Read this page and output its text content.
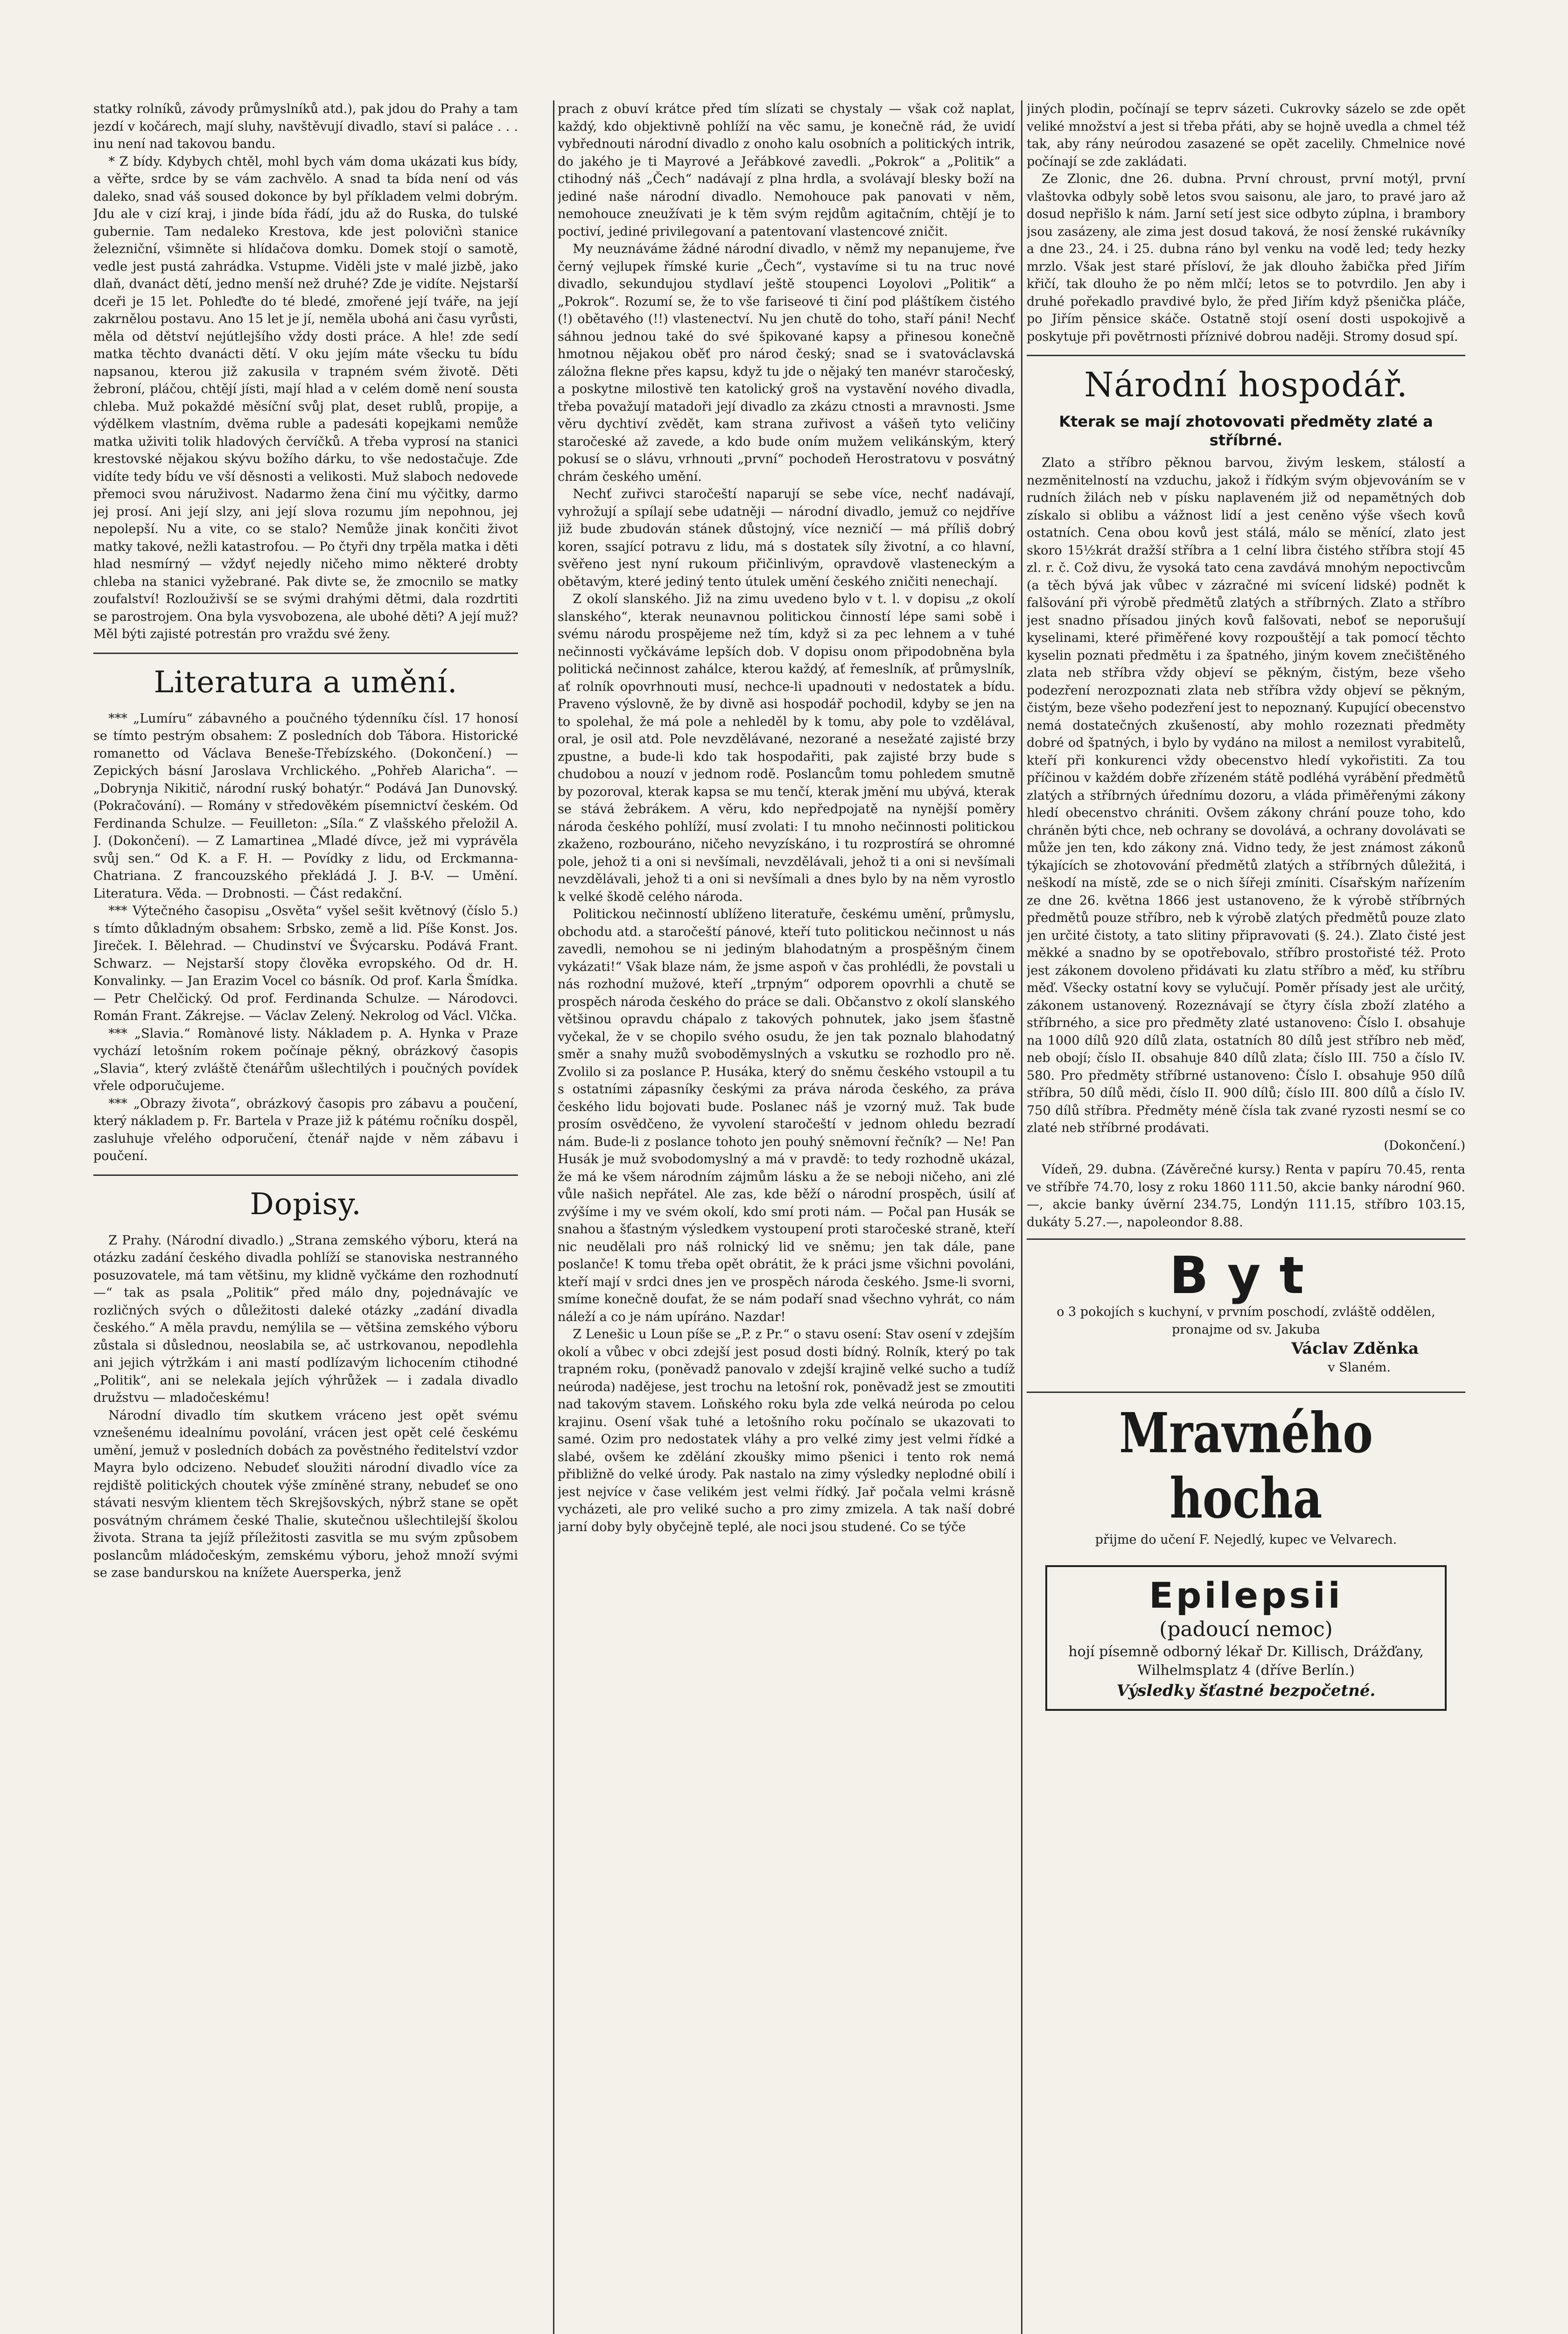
statky rolníků, závody průmyslníků atd.), pak jdou do Prahy a tam jezdí v kočárech, mají sluhy, navštěvují divadlo, staví si paláce . . . inu není nad takovou bandu.

* Z bídy. Kdybych chtěl, mohl bych vám doma ukázati kus bídy, a věřte, srdce by se vám zachvělo. A snad ta bída není od vás daleko, snad váš soused dokonce by byl příkladem velmi dobrým. Jdu ale v cizí kraj, i jinde bída řádí, jdu až do Ruska, do tulské gubernie. Tam nedaleko Krestova, kde jest polovičnì stanice železniční, všimněte si hlídačova domku. Domek stojí o samotě, vedle jest pustá zahrádka. Vstupme. Viděli jste v malé jizbě, jako dlaň, dvanáct dětí, jedno menší než druhé? Zde je vidíte. Nejstarší dceři je 15 let. Pohleďte do té bledé, zmořené její tváře, na její zakrnělou postavu. Ano 15 let je jí, neměla ubohá ani času vyrůsti, měla od dětství nejútlejšího vždy dosti práce. A hle! zde sedí matka těchto dvanácti dětí. V oku jejím máte všecku tu bídu napsanou, kterou již zakusila v trapném svém životě. Děti žebroní, pláčou, chtějí jísti, mají hlad a v celém domě není sousta chleba. Muž pokaždé měsíční svůj plat, deset rublů, propije, a výdělkem vlastním, dvěma ruble a padesáti kopejkami nemůže matka uživiti tolik hladových červíčků. A třeba vyprosí na stanici krestovské nějakou skývu božího dárku, to vše nedostačuje. Zde vidíte tedy bídu ve vší děsnosti a velikosti. Muž slaboch nedovede přemoci svou náruživost. Nadarmo žena činí mu výčitky, darmo jej prosí. Ani její slzy, ani její slova rozumu jím nepohnou, jej nepolepší. Nu a vite, co se stalo? Nemůže jinak končiti život matky takové, nežli katastrofou. — Po čtyři dny trpěla matka i děti hlad nesmírný — vždyť nejedly ničeho mimo některé drobty chleba na stanici vyžebrané. Pak divte se, že zmocnilo se matky zoufalství! Rozlouživší se se svými drahými dětmi, dala rozdrtiti se parostrojem. Ona byla vysvobozena, ale ubohé děti? A její muž? Měl býti zajisté potrestán pro vraždu své ženy.

Literatura a umění.

*** „Lumíru“ zábavného a poučného týdenníku čísl. 17 honosí se tímto pestrým obsahem: Z posledních dob Tábora. Historické romanetto od Václava Beneše-Třebízského. (Dokončení.) — Zepických básní Jaroslava Vrchlického. „Pohřeb Alaricha“. —„Dobrynja Nikitič, národní ruský bohatýr.“ Podává Jan Dunovský. (Pokračování). — Romány v středověkém písemnictví českém. Od Ferdinanda Schulze. — Feuilleton: „Síla.“ Z vlašského přeložil A. J. (Dokončení). — Z Lamartinea „Mladé dívce, jež mi vyprávěla svůj sen.“ Od K. a F. H. — Povídky z lidu, od Erckmanna-Chatriana. Z francouzského překládá J. J. B-V. — Umění. Literatura. Věda. — Drobnosti. — Část redakční.

*** Výtečného časopisu „Osvěta“ vyšel sešit květnový (číslo 5.) s tímto důkladným obsahem: Srbsko, země a lid. Píše Konst. Jos. Jireček. I. Bělehrad. — Chudinství ve Švýcarsku. Podává Frant. Schwarz. — Nejstarší stopy člověka evropského. Od dr. H. Konvalinky. — Jan Erazim Vocel co básník. Od prof. Karla Šmídka. — Petr Chelčický. Od prof. Ferdinanda Schulze. — Národovci. Román Frant. Zákrejse. — Václav Zelený. Nekrolog od Václ. Vlčka.

*** „Slavia.“ Romànové listy. Nákladem p. A. Hynka v Praze vychází letošním rokem počínaje pěkný, obrázkový časopis „Slavia“, který zvláště čtenářům ušlechtilých i poučných povídek vřele odporučujeme.

*** „Obrazy života“, obrázkový časopis pro zábavu a poučení, který nákladem p. Fr. Bartela v Praze již k pátému ročníku dospěl, zasluhuje vřelého odporučení, čtenář najde v něm zábavu i poučení.

Dopisy.

Z Prahy. (Národní divadlo.) „Strana zemského výboru, která na otázku zadání českého divadla pohlíží se stanoviska nestranného posuzovatele, má tam většinu, my klidně vyčkáme den rozhodnutí —“ tak as psala „Politik“ před málo dny, pojednávajíc ve rozličných svých o důležitosti daleké otázky „zadání divadla českého.“ A měla pravdu, nemýlila se — většina zemského výboru zůstala si důslednou, neoslabila se, ač ustrkovanou, nepodlehla ani jejich výtržkám i ani mastí podlízavým lichocením ctihodné „Politik“, ani se nelekala jejích výhrůžek — i zadala divadlo družstvu — mladočeskému!

Národní divadlo tím skutkem vráceno jest opět svému vznešenému idealnímu povolání, vrácen jest opět celé českému umění, jemuž v posledních dobách za pověstného ředitelství vzdor Mayra bylo odcizeno. Nebudeť sloužiti národní divadlo více za rejdiště politických choutek výše zmíněné strany, nebudeť se ono stávati nesvým klientem těch Skrejšovských, nýbrž stane se opět posvátným chrámem české Thalie, skutečnou ušlechtilejší školou života. Strana ta jejíž příležitosti zasvitla se mu svým způsobem poslancům mládočeským, zemskému výboru, jehož množí svými se zase bandurskou na knížete Auersperka, jenž

prach z obuví krátce před tím slízati se chystaly — však což naplat, každý, kdo objektivně pohlíží na věc samu, je konečně rád, že uvidí vybřednouti národní divadlo z onoho kalu osobních a politických intrik, do jakého je ti Mayrové a Jeřábkové zavedli. „Pokrok“ a „Politik“ a ctihodný náš „Čech“ nadávají z plna hrdla, a svolávají blesky boží na jediné naše národní divadlo. Nemohouce pak panovati v něm, nemohouce zneužívati je k těm svým rejdům agitačním, chtějí je to poctiví, jediné privilegovaní a patentovaní vlastencové zničit.

My neuznáváme žádné národní divadlo, v němž my nepanujeme, řve černý vejlupek římské kurie „Čech“, vystavíme si tu na truc nové divadlo, sekundujou stydlaví ještě stoupenci Loyolovi „Politik“ a „Pokrok“. Rozumí se, že to vše fariseové ti činí pod pláštíkem čistého (!) obětavého (!!) vlastenectví. Nu jen chutě do toho, staří páni! Nechť sáhnou jednou také do své špikované kapsy a přinesou konečně hmotnou nějakou oběť pro národ český; snad se i svatováclavská záložna flekne přes kapsu, když tu jde o nějaký ten manévr staročeský, a poskytne milostivě ten katolický groš na vystavění nového divadla, třeba považují matadoři její divadlo za zkázu ctnosti a mravnosti. Jsme věru dychtiví zvědět, kam strana zuřivost a vášeň tyto veličiny staročeské až zavede, a kdo bude oním mužem velikánským, který pokusí se o slávu, vrhnouti „první“ pochodeň Herostratovu v posvátný chrám českého umění.

Nechť zuřivci staročeští naparují se sebe více, nechť nadávají, vyhrožují a spílají sebe udatněji — národní divadlo, jemuž co nejdříve již bude zbudován stánek důstojný, více nezničí — má příliš dobrý koren, ssající potravu z lidu, má s dostatek síly životní, a co hlavní, svěřeno jest nyní rukoum přičinlivým, opravdově vlasteneckým a obětavým, které jediný tento útulek umění českého zničiti nenechají.

Z okolí slanského. Již na zimu uvedeno bylo v t. l. v dopisu „z okolí slanského“, kterak neunavnou politickou činností lépe sami sobě i svému národu prospějeme než tím, když si za pec lehnem a v tuhé nečinnosti vyčkáváme lepších dob. V dopisu onom připodobněna byla politická nečinnost zahálce, kterou každý, ať řemeslník, ať průmyslník, ať rolník opovrhnouti musí, nechce-li upadnouti v nedostatek a bídu. Praveno výslovně, že by divně asi hospodář pochodil, kdyby se jen na to spolehal, že má pole a nehleděl by k tomu, aby pole to vzdělával, oral, je osil atd. Pole nevzdělávané, nezorané a nesežaté zajisté brzy zpustne, a bude-li kdo tak hospodařiti, pak zajisté brzy bude s chudobou a nouzí v jednom rodě. Poslancům tomu pohledem smutně by pozoroval, kterak kapsa se mu tenčí, kterak jmění mu ubývá, kterak se stává žebrákem. A věru, kdo nepředpojatě na nynější poměry národa českého pohlíží, musí zvolati: I tu mnoho nečinnosti politickou zkaženo, rozbouráno, ničeho nevyzískáno, i tu rozprostírá se ohromné pole, jehož ti a oni si nevšímali, nevzdělávali, jehož ti a oni si nevšímali nevzdělávali, jehož ti a oni si nevšímali a dnes bylo by na něm vyrostlo k velké škodě celého národa.

Politickou nečinností ublíženo literatuře, českému umění, průmyslu, obchodu atd. a staročeští pánové, kteří tuto politickou nečinnost u nás zavedli, nemohou se ni jediným blahodatným a prospěšným činem vykázati!“ Však blaze nám, že jsme aspoň v čas prohlédli, že povstali u nás rozhodní mužové, kteří „trpným“ odporem opovrhli a chutě se prospěch národa českého do práce se dali. Občanstvo z okolí slanského většinou opravdu chápalo z takových pohnutek, jako jsem šťastně vyčekal, že v se chopilo svého osudu, že jen tak poznalo blahodatný směr a snahy mužů svoboděmyslných a vskutku se rozhodlo pro ně. Zvolilo si za poslance P. Husáka, který do sněmu českého vstoupil a tu s ostatními zápasníky českými za práva národa českého, za práva českého lidu bojovati bude. Poslanec náš je vzorný muž. Tak bude prosím osvědčeno, že vyvolení staročeští v jednom ohledu bezradí nám. Bude-li z poslance tohoto jen pouhý sněmovní řečník? — Ne! Pan Husák je muž svobodomyslný a má v pravdě: to tedy rozhodně ukázal, že má ke všem národním zájmům lásku a že se neboji ničeho, ani zlé vůle našich nepřátel. Ale zas, kde běží o národní prospěch, úsilí ať zvýšíme i my ve svém okolí, kdo smí proti nám. — Počal pan Husák se snahou a šťastným výsledkem vystoupení proti staročeské straně, kteří nic neudělali pro náš rolnický lid ve sněmu; jen tak dále, pane poslanče! K tomu třeba opět obrátit, že k práci jsme všichni povoláni, kteří mají v srdci dnes jen ve prospěch národa českého. Jsme-li svorni, smíme konečně doufat, že se nám podaří snad všechno vyhrát, co nám náleží a co je nám upíráno. Nazdar!

Z Lenešic u Loun píše se „P. z Pr.“ o stavu osení: Stav osení v zdejším okolí a vůbec v obci zdejší jest posud dosti bídný. Rolník, který po tak trapném roku, (poněvadž panovalo v zdejší krajině velké sucho a tudíž neúroda) nadějese, jest trochu na letošní rok, poněvadž jest se zmoutiti nad takovým stavem. Loňského roku byla zde velká neúroda po celou krajinu. Osení však tuhé a letošního roku počínalo se ukazovati to samé. Ozim pro nedostatek vláhy a pro velké zimy jest velmi řídké a slabé, ovšem ke zdělání zkoušky mimo pšenici i tento rok nemá přibližně do velké úrody. Pak nastalo na zimy výsledky neplodné obilí i jest nejvíce v čase velikém jest velmi řídký. Jař počala velmi krásně vycházeti, ale pro veliké sucho a pro zimy zmizela. A tak naší dobré jarní doby byly obyčejně teplé, ale noci jsou studené. Co se týče

jiných plodin, počínají se teprv sázeti. Cukrovky sázelo se zde opět veliké množství a jest si třeba přáti, aby se hojně uvedla a chmel též tak, aby rány neúrodou zasazené se opět zacelily. Chmelnice nové počínají se zde zakládati.

Ze Zlonic, dne 26. dubna. První chroust, první motýl, první vlaštovka odbyly sobě letos svou saisonu, ale jaro, to pravé jaro až dosud nepřišlo k nám. Jarní setí jest sice odbyto zúplna, i brambory jsou zasázeny, ale zima jest dosud taková, že nosí ženské rukávníky a dne 23., 24. i 25. dubna ráno byl venku na vodě led; tedy hezky mrzlo. Však jest staré přísloví, že jak dlouho žabička před Jiřím křičí, tak dlouho že po něm mlčí; letos se to potvrdilo. Jen aby i druhé pořekadlo pravdivé bylo, že před Jiřím když pšenička pláče, po Jiřím pěnsice skáče. Ostatně stojí osení dosti uspokojivě a poskytuje při povětrnosti příznivé dobrou naději. Stromy dosud spí.

Národní hospodář.
Kterak se mají zhotovovati předměty zlaté a stříbrné.

Zlato a stříbro pěknou barvou, živým leskem, stálostí a nezměnitelností na vzduchu, jakož i řídkým svým objevováním se v rudních žilách neb v písku naplaveném již od nepamětných dob získalo si oblibu a vážnost lidí a jest ceněno výše všech kovů ostatních. Cena obou kovů jest stálá, málo se měnící, zlato jest skoro 15½krát dražší stříbra a 1 celní libra čistého stříbra stojí 45 zl. r. č. Což divu, že vysoká tato cena zavdává mnohým nepoctivcům (a těch bývá jak vůbec v zázračné mi svícení lidské) podnět k falšování při výrobě předmětů zlatých a stříbrných. Zlato a stříbro jest snadno přísadou jiných kovů falšovati, neboť se neporušují kyselinami, které přiměřené kovy rozpouštějí a tak pomocí těchto kyselin poznati předmětu i za špatného, jiným kovem znečištěného zlata neb stříbra vždy objeví se pěkným, čistým, beze všeho podezření nerozpoznati zlata neb stříbra vždy objeví se pěkným, čistým, beze všeho podezření jest to nepoznaný. Kupující obecenstvo nemá dostatečných zkušeností, aby mohlo rozeznati předměty dobré od špatných, i bylo by vydáno na milost a nemilost vyrabitelů, kteří při konkurenci vždy obecenstvo hledí vykořistiti. Za tou příčinou v každém dobře zřízeném státě podléhá vyrábění předmětů zlatých a stříbrných úřednímu dozoru, a vláda přiměřenými zákony hledí obecenstvo chrániti. Ovšem zákony chrání pouze toho, kdo chráněn býti chce, neb ochrany se dovolává, a ochrany dovolávati se může jen ten, kdo zákony zná. Vidno tedy, že jest známost zákonů týkajících se zhotovování předmětů zlatých a stříbrných důležitá, i neškodí na místě, zde se o nich šířeji zmíniti. Císařským nařízením ze dne 26. května 1866 jest ustanoveno, že k výrobě stříbrných předmětů pouze stříbro, neb k výrobě zlatých předmětů pouze zlato jen určité čistoty, a tato slitiny připravovati (§. 24.). Zlato čisté jest měkké a snadno by se opotřebovalo, stříbro prostořisté též. Proto jest zákonem dovoleno přidávati ku zlatu stříbro a měď, ku stříbru měď. Všecky ostatní kovy se vylučují. Poměr přísady jest ale určitý, zákonem ustanovený. Rozeznávají se čtyry čísla zboží zlatého a stříbrného, a sice pro předměty zlaté ustanoveno: Číslo I. obsahuje na 1000 dílů 920 dílů zlata, ostatních 80 dílů jest stříbro neb měď, neb obojí; číslo II. obsahuje 840 dílů zlata; číslo III. 750 a číslo IV. 580. Pro předměty stříbrné ustanoveno: Číslo I. obsahuje 950 dílů stříbra, 50 dílů mědi, číslo II. 900 dílů; číslo III. 800 dílů a číslo IV. 750 dílů stříbra. Předměty méně čísla tak zvané ryzosti nesmí se co zlaté neb stříbrné prodávati.

(Dokončení.)

Vídeň, 29. dubna. (Závěrečné kursy.) Renta v papíru 70.45, renta ve stříbře 74.70, losy z roku 1860 111.50, akcie banky národní 960.—, akcie banky úvěrní 234.75, Londýn 111.15, stříbro 103.15, dukáty 5.27.—, napoleondor 8.88.

Byt

o 3 pokojích s kuchyní, v prvním poschodí, zvláště oddělen, pronajme od sv. Jakuba

Václav Zděnka
v Slaném.
Mravného hocha

přijme do učení F. Nejedlý, kupec ve Velvarech.

Epilepsii
(padoucí nemoc)
hojí písemně odborný lékař Dr. Killisch, Drážďany, Wilhelmsplatz 4 (dříve Berlín.)
Výsledky šťastné bezpočetné.
